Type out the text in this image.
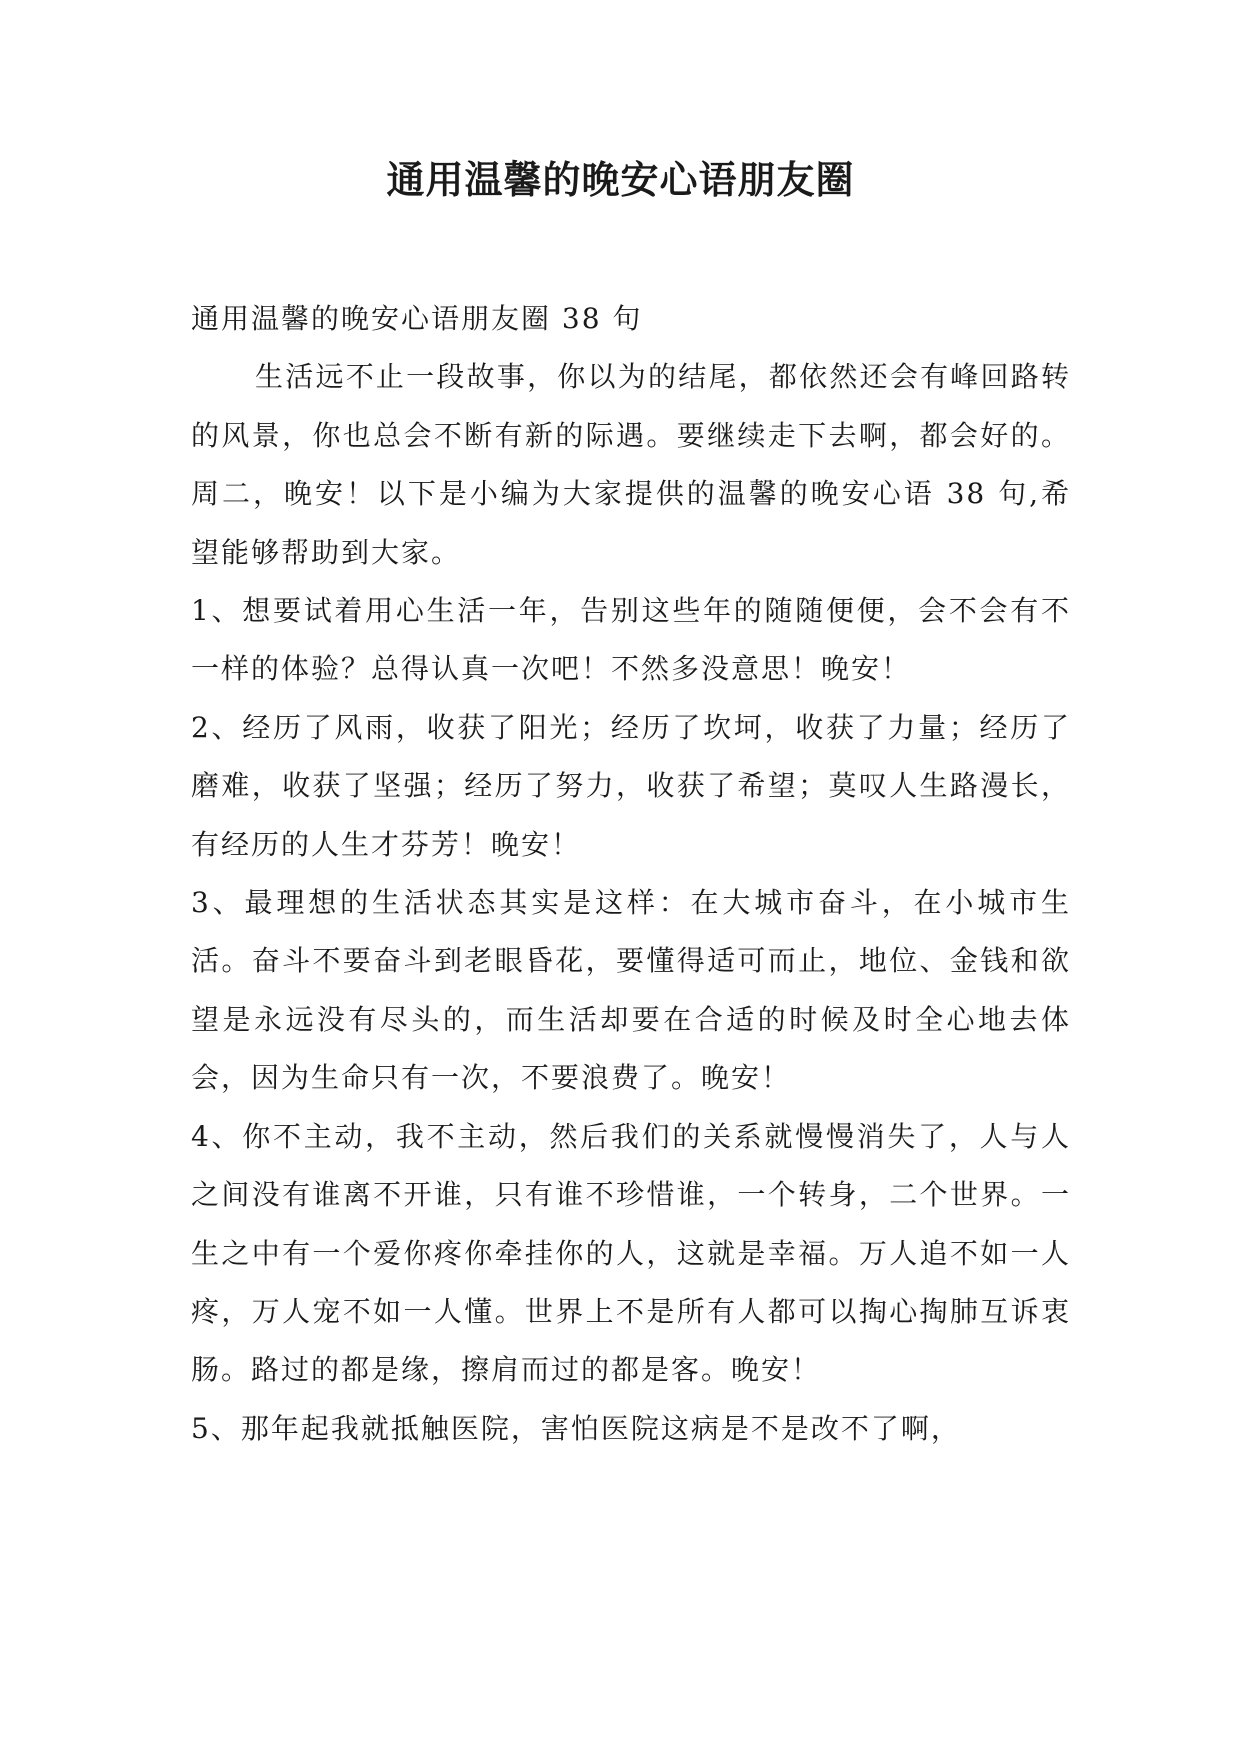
通用温馨的晚安心语朋友圈

通用温馨的晚安心语朋友圈 38 句

生活远不止一段故事，你以为的结尾，都依然还会有峰回路转的风景，你也总会不断有新的际遇。要继续走下去啊，都会好的。 周二，晚安！以下是小编为大家提供的温馨的晚安心语 38 句,希望能够帮助到大家。

1、想要试着用心生活一年，告别这些年的随随便便，会不会有不一样的体验？总得认真一次吧！不然多没意思！晚安！

2、经历了风雨，收获了阳光；经历了坎坷，收获了力量；经历了磨难，收获了坚强；经历了努力，收获了希望；莫叹人生路漫长，有经历的人生才芬芳！晚安！

3、最理想的生活状态其实是这样：在大城市奋斗，在小城市生活。奋斗不要奋斗到老眼昏花，要懂得适可而止，地位、金钱和欲望是永远没有尽头的，而生活却要在合适的时候及时全心地去体会，因为生命只有一次，不要浪费了。晚安！

4、你不主动，我不主动，然后我们的关系就慢慢消失了，人与人之间没有谁离不开谁，只有谁不珍惜谁，一个转身，二个世界。一生之中有一个爱你疼你牵挂你的人，这就是幸福。万人追不如一人疼，万人宠不如一人懂。世界上不是所有人都可以掏心掏肺互诉衷肠。路过的都是缘，擦肩而过的都是客。晚安！

5、那年起我就抵触医院，害怕医院这病是不是改不了啊，
